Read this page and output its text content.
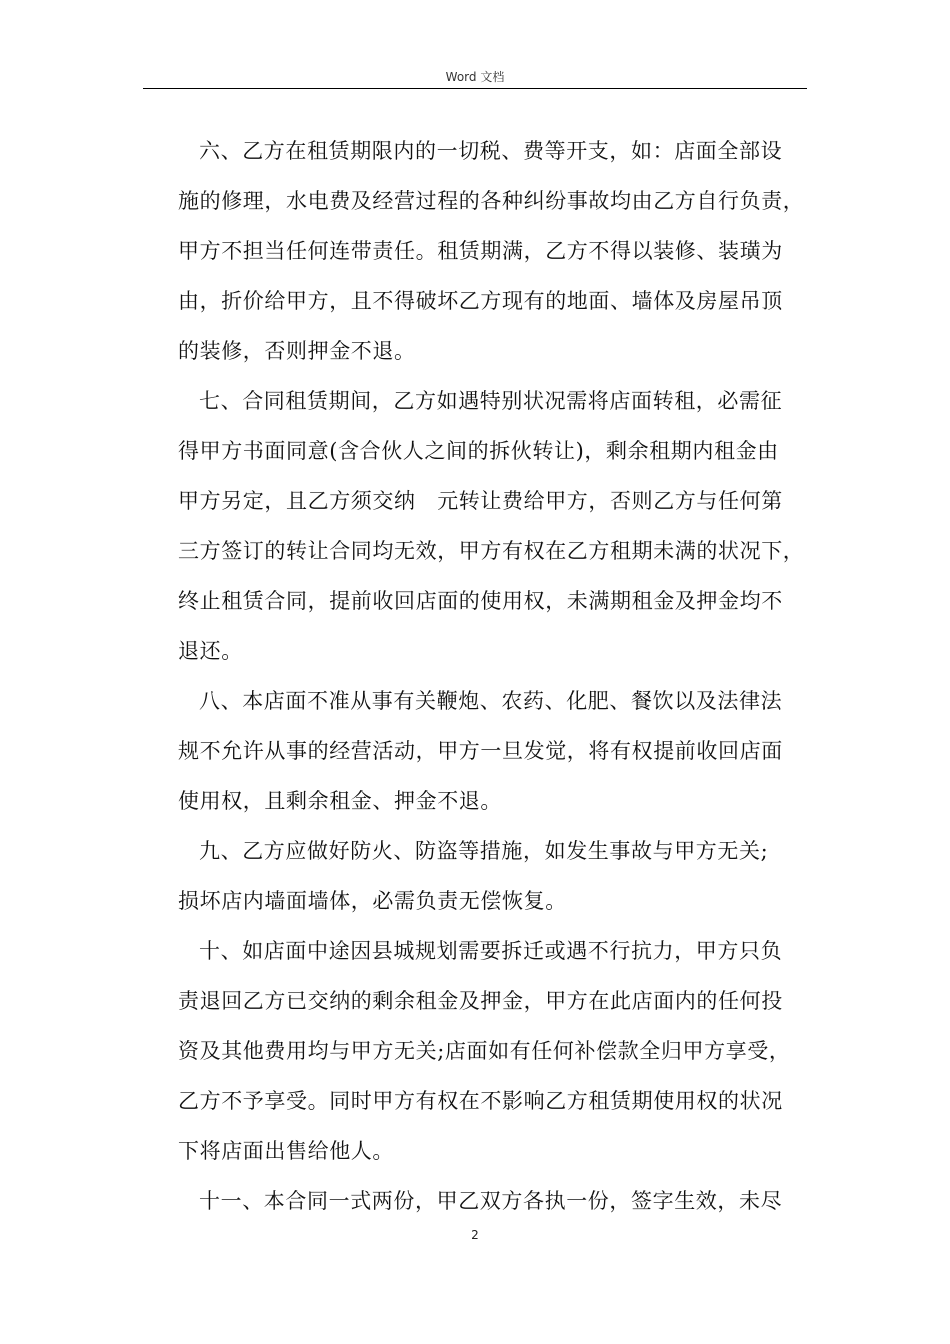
Word 文档

六、乙方在租赁期限内的一切税、费等开支，如：店面全部设
施的修理，水电费及经营过程的各种纠纷事故均由乙方自行负责，
甲方不担当任何连带责任。租赁期满，乙方不得以装修、装璜为
由，折价给甲方，且不得破坏乙方现有的地面、墙体及房屋吊顶
的装修，否则押金不退。

七、合同租赁期间，乙方如遇特别状况需将店面转租，必需征
得甲方书面同意(含合伙人之间的拆伙转让)，剩余租期内租金由
甲方另定，且乙方须交纳　元转让费给甲方，否则乙方与任何第
三方签订的转让合同均无效，甲方有权在乙方租期未满的状况下，
终止租赁合同，提前收回店面的使用权，未满期租金及押金均不
退还。

八、本店面不准从事有关鞭炮、农药、化肥、餐饮以及法律法
规不允许从事的经营活动，甲方一旦发觉，将有权提前收回店面
使用权，且剩余租金、押金不退。

九、乙方应做好防火、防盗等措施，如发生事故与甲方无关;
损坏店内墙面墙体，必需负责无偿恢复。

十、如店面中途因县城规划需要拆迁或遇不行抗力，甲方只负
责退回乙方已交纳的剩余租金及押金，甲方在此店面内的任何投
资及其他费用均与甲方无关;店面如有任何补偿款全归甲方享受，
乙方不予享受。同时甲方有权在不影响乙方租赁期使用权的状况
下将店面出售给他人。

十一、本合同一式两份，甲乙双方各执一份，签字生效，未尽

2
